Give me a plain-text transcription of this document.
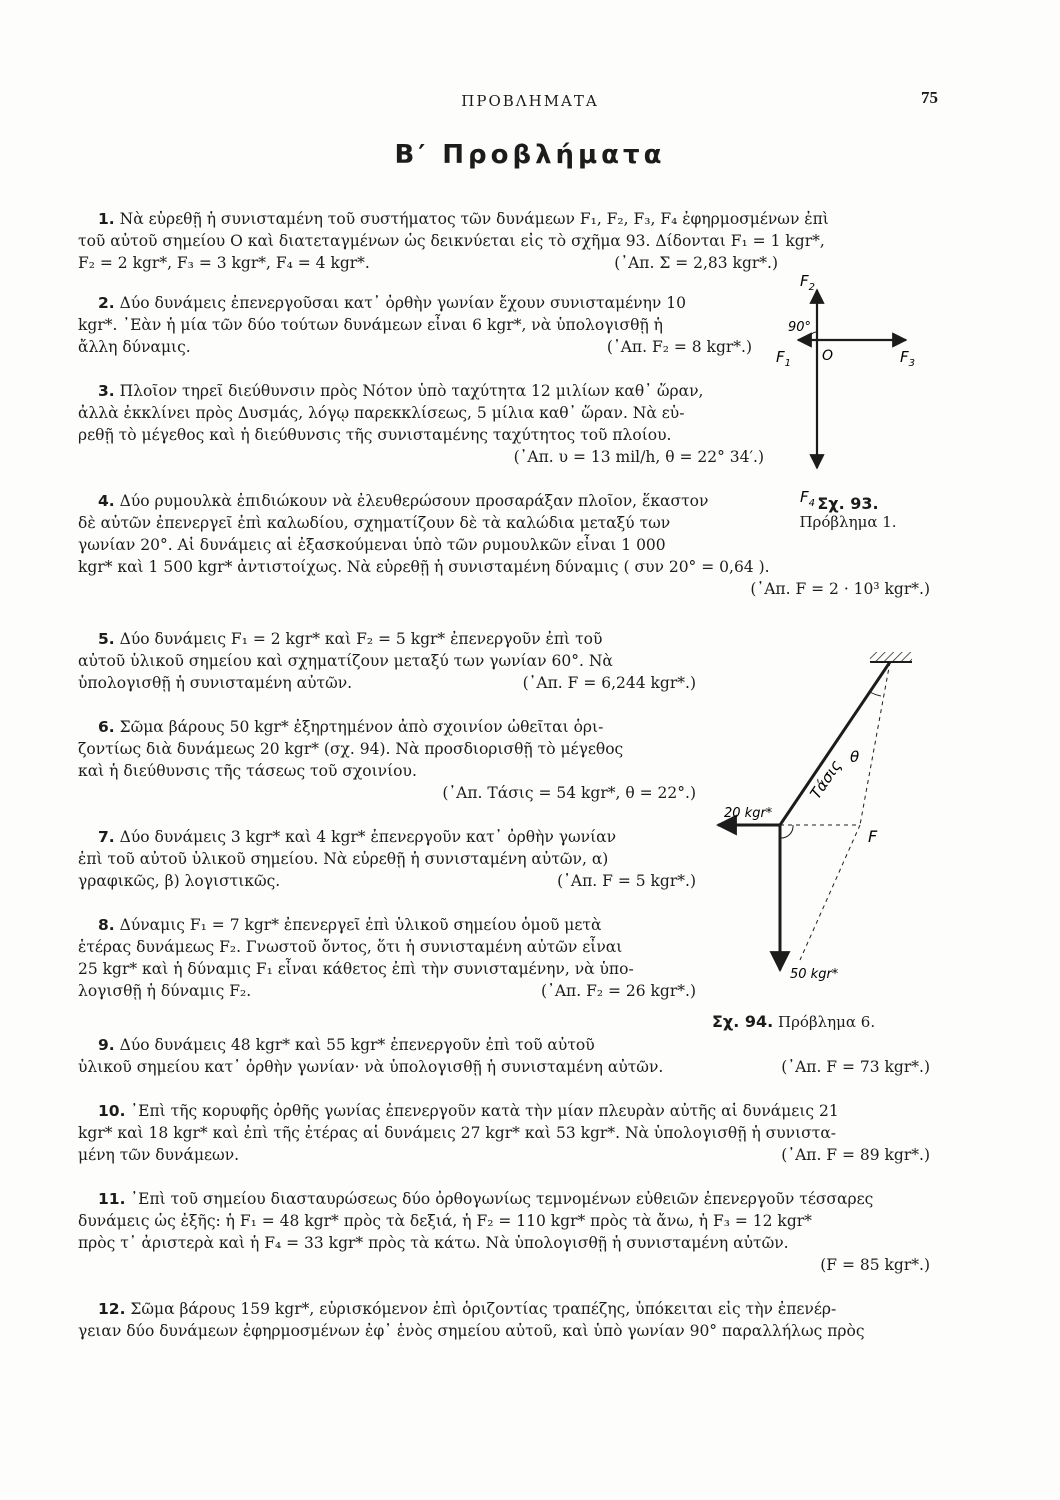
ΠΡΟΒΛΗΜΑΤΑ	75
Β′ Προβλήματα
1. Νὰ εὑρεθῇ ἡ συνισταμένη τοῦ συστήματος τῶν δυνάμεων F₁, F₂, F₃, F₄ ἐφηρμοσμένων ἐπὶ
τοῦ αὐτοῦ σημείου O καὶ διατεταγμένων ὡς δεικνύεται εἰς τὸ σχῆμα 93. Δίδονται F₁ = 1 kgr*,
F₂ = 2 kgr*, F₃ = 3 kgr*, F₄ = 4 kgr*.	(᾿Απ. Σ = 2,83 kgr*.)
2. Δύο δυνάμεις ἐπενεργοῦσαι κατ᾿ ὀρθὴν γωνίαν ἔχουν συνισταμένην 10
kgr*. ᾿Εὰν ἡ μία τῶν δύο τούτων δυνάμεων εἶναι 6 kgr*, νὰ ὑπολογισθῇ ἡ
ἄλλη δύναμις.	(᾿Απ. F₂ = 8 kgr*.)
3. Πλοῖον τηρεῖ διεύθυνσιν πρὸς Νότον ὑπὸ ταχύτητα 12 μιλίων καθ᾿ ὥραν,
ἀλλὰ ἐκκλίνει πρὸς Δυσμάς, λόγῳ παρεκκλίσεως, 5 μίλια καθ᾿ ὥραν. Νὰ εὑ-
ρεθῇ τὸ μέγεθος καὶ ἡ διεύθυνσις τῆς συνισταμένης ταχύτητος τοῦ πλοίου.
(᾿Απ. υ = 13 mil/h, θ = 22° 34′.)
4. Δύο ρυμουλκὰ ἐπιδιώκουν νὰ ἐλευθερώσουν προσαράξαν πλοῖον, ἕκαστον
δὲ αὐτῶν ἐπενεργεῖ ἐπὶ καλωδίου, σχηματίζουν δὲ τὰ καλώδια μεταξύ των
γωνίαν 20°. Αἱ δυνάμεις αἱ ἐξασκούμεναι ὑπὸ τῶν ρυμουλκῶν εἶναι 1 000
kgr* καὶ 1 500 kgr* ἀντιστοίχως. Νὰ εὑρεθῇ ἡ συνισταμένη δύναμις ( συν 20° = 0,64 ).
(᾿Απ. F = 2 · 10³ kgr*.)
5. Δύο δυνάμεις F₁ = 2 kgr* καὶ F₂ = 5 kgr* ἐπενεργοῦν ἐπὶ τοῦ
αὐτοῦ ὑλικοῦ σημείου καὶ σχηματίζουν μεταξύ των γωνίαν 60°. Νὰ
ὑπολογισθῇ ἡ συνισταμένη αὐτῶν.	(᾿Απ. F = 6,244 kgr*.)
6. Σῶμα βάρους 50 kgr* ἐξηρτημένον ἀπὸ σχοινίον ὠθεῖται ὁρι-
ζοντίως διὰ δυνάμεως 20 kgr* (σχ. 94). Νὰ προσδιορισθῇ τὸ μέγεθος
καὶ ἡ διεύθυνσις τῆς τάσεως τοῦ σχοινίου.
(᾿Απ. Τάσις = 54 kgr*, θ = 22°.)
7. Δύο δυνάμεις 3 kgr* καὶ 4 kgr* ἐπενεργοῦν κατ᾿ ὀρθὴν γωνίαν
ἐπὶ τοῦ αὐτοῦ ὑλικοῦ σημείου. Νὰ εὑρεθῇ ἡ συνισταμένη αὐτῶν, α)
γραφικῶς, β) λογιστικῶς.	(᾿Απ. F = 5 kgr*.)
8. Δύναμις F₁ = 7 kgr* ἐπενεργεῖ ἐπὶ ὑλικοῦ σημείου ὁμοῦ μετὰ
ἑτέρας δυνάμεως F₂. Γνωστοῦ ὄντος, ὅτι ἡ συνισταμένη αὐτῶν εἶναι
25 kgr* καὶ ἡ δύναμις F₁ εἶναι κάθετος ἐπὶ τὴν συνισταμένην, νὰ ὑπο-
λογισθῇ ἡ δύναμις F₂.	(᾿Απ. F₂ = 26 kgr*.)
9. Δύο δυνάμεις 48 kgr* καὶ 55 kgr* ἐπενεργοῦν ἐπὶ τοῦ αὐτοῦ
ὑλικοῦ σημείου κατ᾿ ὀρθὴν γωνίαν· νὰ ὑπολογισθῇ ἡ συνισταμένη αὐτῶν.	(᾿Απ. F = 73 kgr*.)
10. ᾿Επὶ τῆς κορυφῆς ὀρθῆς γωνίας ἐπενεργοῦν κατὰ τὴν μίαν πλευρὰν αὐτῆς αἱ δυνάμεις 21
kgr* καὶ 18 kgr* καὶ ἐπὶ τῆς ἑτέρας αἱ δυνάμεις 27 kgr* καὶ 53 kgr*. Νὰ ὑπολογισθῇ ἡ συνιστα-
μένη τῶν δυνάμεων.	(᾿Απ. F = 89 kgr*.)
11. ᾿Επὶ τοῦ σημείου διασταυρώσεως δύο ὀρθογωνίως τεμνομένων εὐθειῶν ἐπενεργοῦν τέσσαρες
δυνάμεις ὡς ἑξῆς: ἡ F₁ = 48 kgr* πρὸς τὰ δεξιά, ἡ F₂ = 110 kgr* πρὸς τὰ ἄνω, ἡ F₃ = 12 kgr*
πρὸς τ᾿ ἀριστερὰ καὶ ἡ F₄ = 33 kgr* πρὸς τὰ κάτω. Νὰ ὑπολογισθῇ ἡ συνισταμένη αὐτῶν.
(F = 85 kgr*.)
12. Σῶμα βάρους 159 kgr*, εὑρισκόμενον ἐπὶ ὁριζοντίας τραπέζης, ὑπόκειται εἰς τὴν ἐπενέρ-
γειαν δύο δυνάμεων ἐφηρμοσμένων ἐφ᾿ ἑνὸς σημείου αὐτοῦ, καὶ ὑπὸ γωνίαν 90° παραλλήλως πρὸς
90°
O
$F_1$
$F_2$
$F_3$
$F_4$ Σχ. 93.
Πρόβλημα 1.
θ
Τάσις
20 kgr*
50 kgr*
F
Σχ. 94. Πρόβλημα 6.
